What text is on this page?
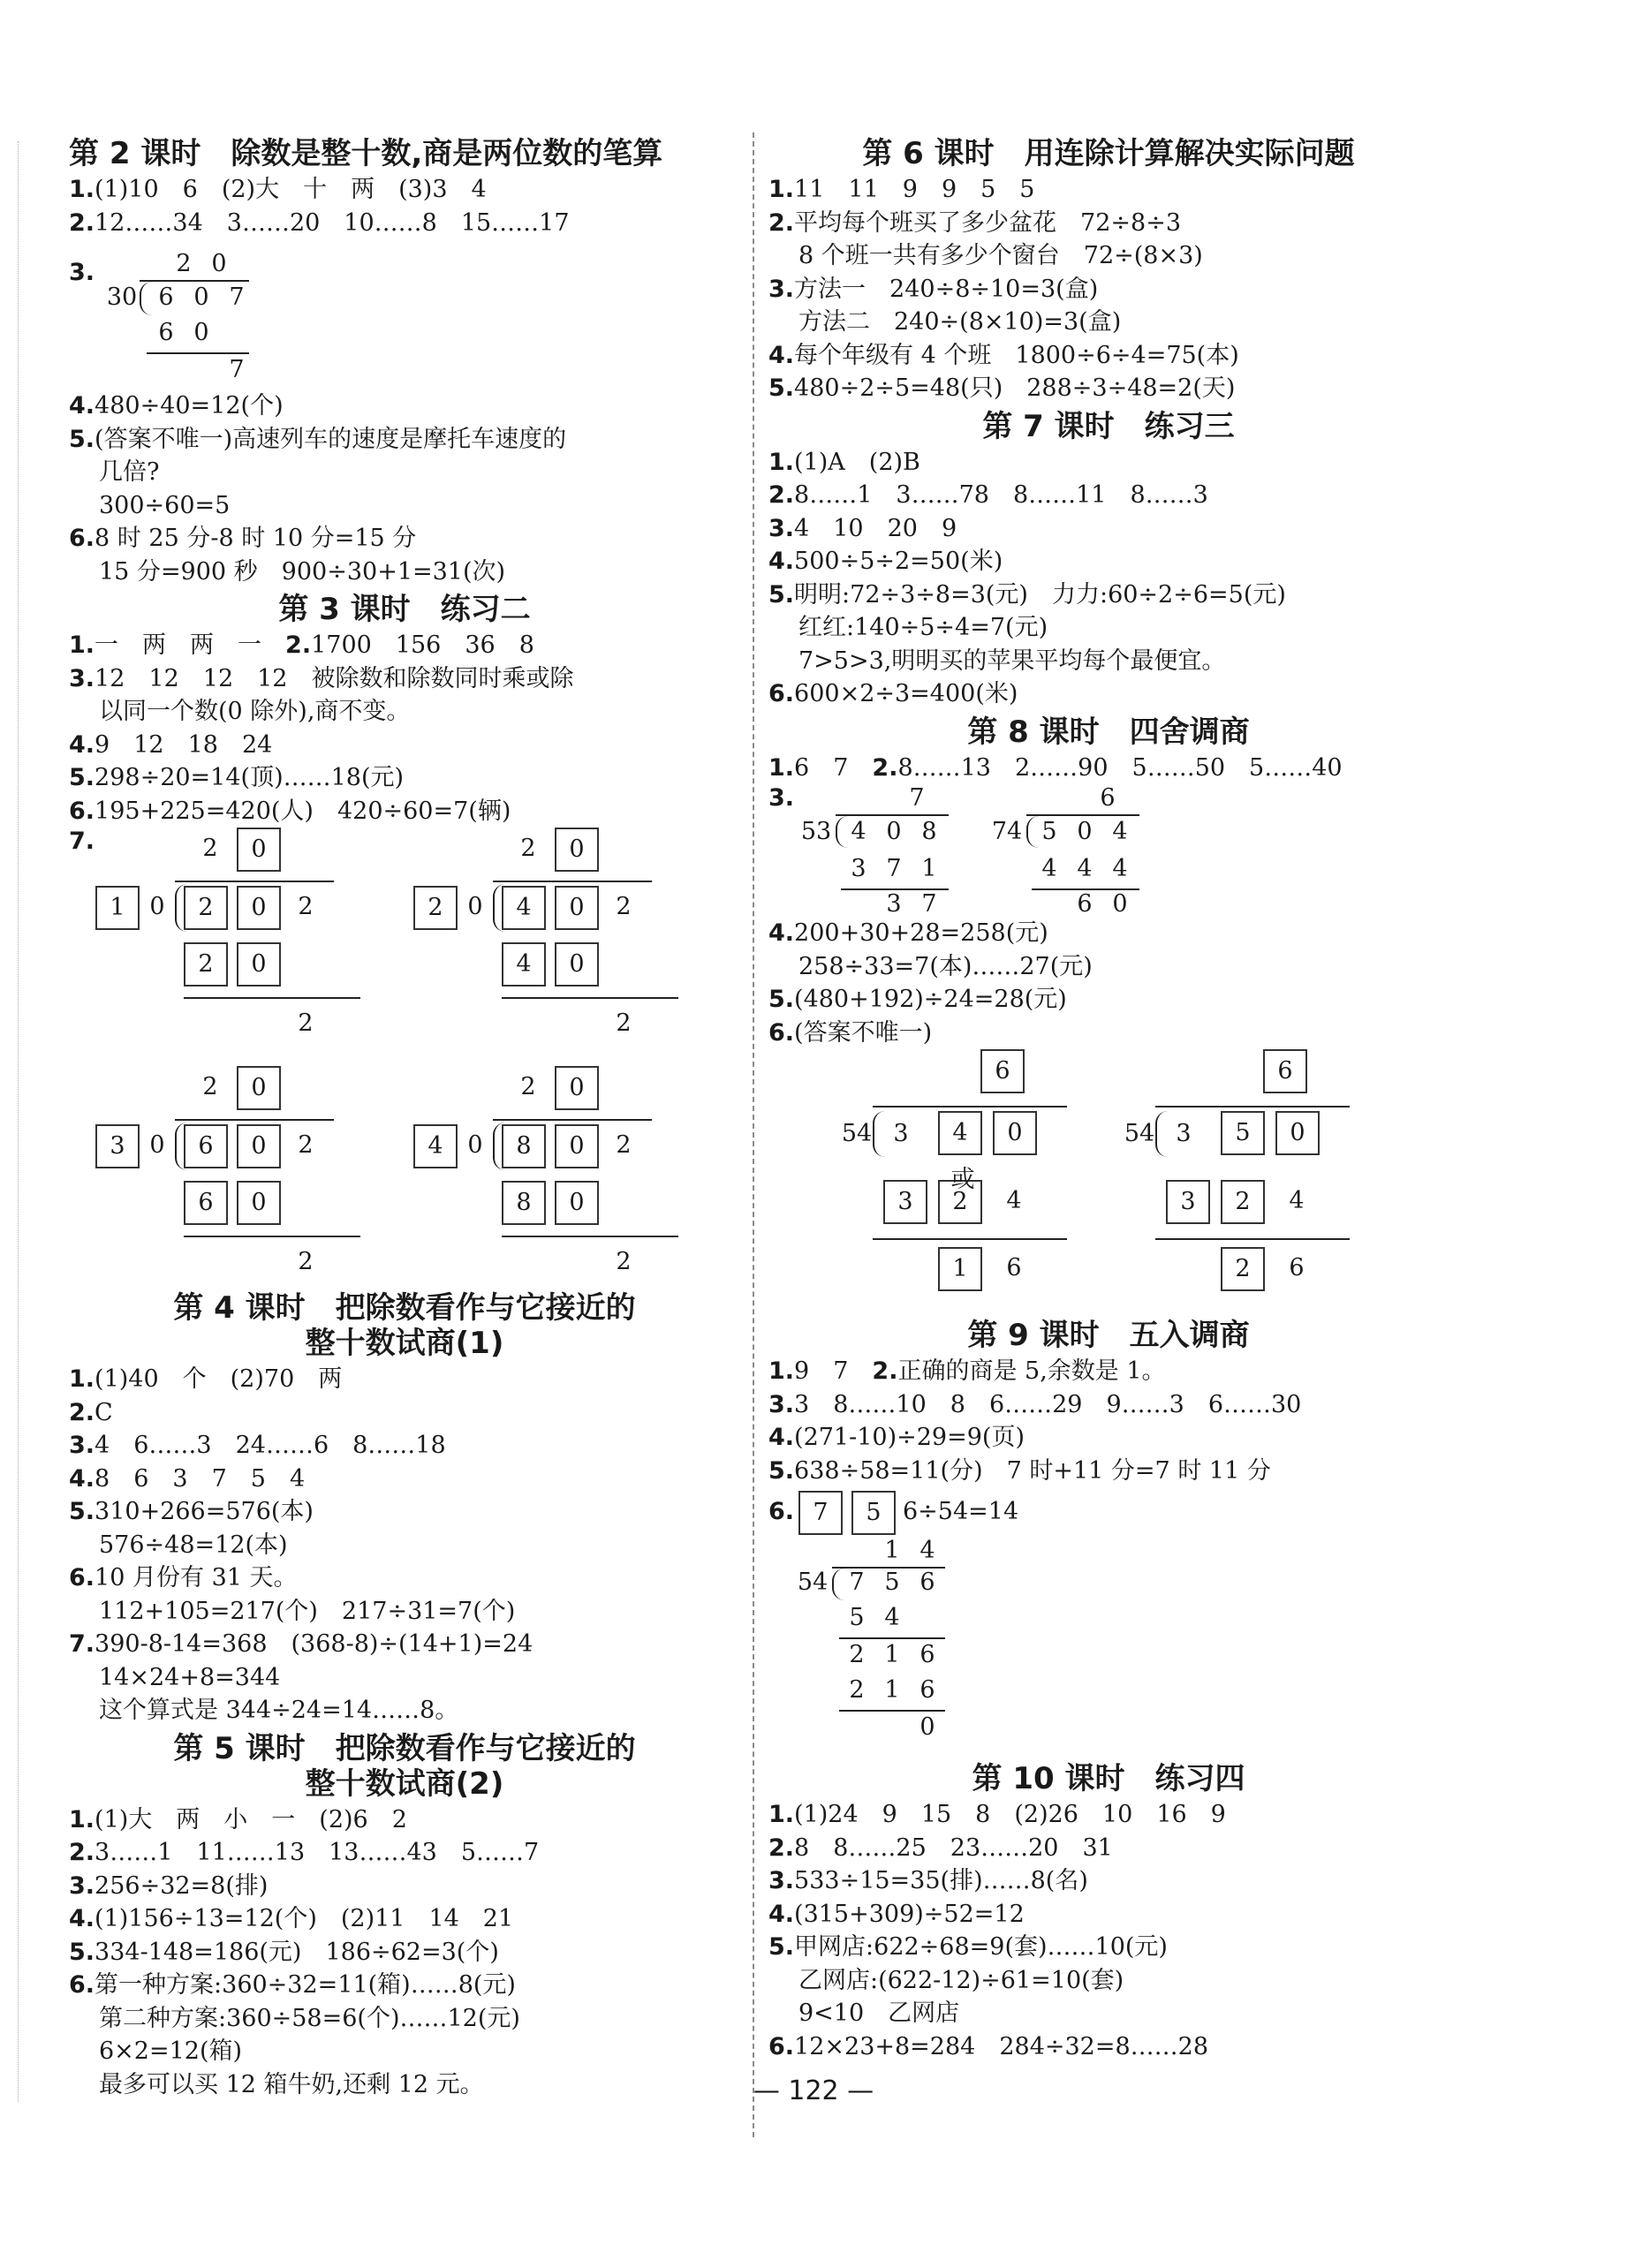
第 2 课时　除数是整十数,商是两位数的笔算
1.(1)10　6　(2)大　十　两　(3)3　4
2.12……34　3……20　10……8　15……17
3.	2 0
30 6 0 7
6 0
7
4.480÷40=12(个)
5.(答案不唯一)高速列车的速度是摩托车速度的
几倍?
300÷60=5
6.8 时 25 分-8 时 10 分=15 分
15 分=900 秒　900÷30+1=31(次)
第 3 课时　练习二
1.一　两　两　一　 2.1700　156　36　8
3.12　12　12　12　被除数和除数同时乘或除
以同一个数(0 除外),商不变。
4.9　12　18　24
5.298÷20=14(顶)……18(元)
6.195+225=420(人)　420÷60=7(辆)
7.	2	0
1	0	2	0	2
2	0
2
2	0
2	0	4	0	2
4	0
2
2	0
3	0	6	0	2
6	0
2
2	0
4	0	8	0	2
8	0
2
第 4 课时　把除数看作与它接近的
整十数试商(1)
1.(1)40　个　(2)70　两
2.C
3.4　6……3　24……6　8……18
4.8　6　3　7　5　4
5.310+266=576(本)
576÷48=12(本)
6.10 月份有 31 天。
112+105=217(个)　217÷31=7(个)
7.390-8-14=368　(368-8)÷(14+1)=24
14×24+8=344
这个算式是 344÷24=14……8。
第 5 课时　把除数看作与它接近的
整十数试商(2)
1.(1)大　两　小　一　(2)6　2
2.3……1　11……13　13……43　5……7
3.256÷32=8(排)
4.(1)156÷13=12(个)　(2)11　14　21
5.334-148=186(元)　186÷62=3(个)
6.第一种方案:360÷32=11(箱)……8(元)
第二种方案:360÷58=6(个)……12(元)
6×2=12(箱)
最多可以买 12 箱牛奶,还剩 12 元。
第 6 课时　用连除计算解决实际问题
1.11　11　9　9　5　5
2.平均每个班买了多少盆花　72÷8÷3
8 个班一共有多少个窗台　72÷(8×3)
3.方法一　240÷8÷10=3(盒)
方法二　240÷(8×10)=3(盒)
4.每个年级有 4 个班　1800÷6÷4=75(本)
5.480÷2÷5=48(只)　288÷3÷48=2(天)
第 7 课时　练习三
1.(1)A　(2)B
2.8……1　3……78　8……11　8……3
3.4　10　20　9
4.500÷5÷2=50(米)
5.明明:72÷3÷8=3(元)　力力:60÷2÷6=5(元)
红红:140÷5÷4=7(元)
7>5>3,明明买的苹果平均每个最便宜。
6.600×2÷3=400(米)
第 8 课时　四舍调商
1.6　7　 2.8……13　2……90　5……50　5……40
3.	7
53 4 0 8
3 7 1
3 7
6
74 5 0 4
4 4 4
6 0
4.200+30+28=258(元)
258÷33=7(本)……27(元)
5.(480+192)÷24=28(元)
6.(答案不唯一)
6
54 3	4	0
3	2	4
1	6
6
54 3	5	0
3	2	4
2	6
或
第 9 课时　五入调商
1.9　7　 2.正确的商是 5,余数是 1。
3.3　8……10　8　6……29　9……3　6……30
4.(271-10)÷29=9(页)
5.638÷58=11(分)　7 时+11 分=7 时 11 分
6. 7	5 6÷54=14
1 4
54 7 5 6
5 4
2 1 6
2 1 6
0
第 10 课时　练习四
1.(1)24　9　15　8　(2)26　10　16　9
2.8　8……25　23……20　31
3.533÷15=35(排)……8(名)
4.(315+309)÷52=12
5.甲网店:622÷68=9(套)……10(元)
乙网店:(622-12)÷61=10(套)
9<10　乙网店
6.12×23+8=284　284÷32=8……28
— 122 —
